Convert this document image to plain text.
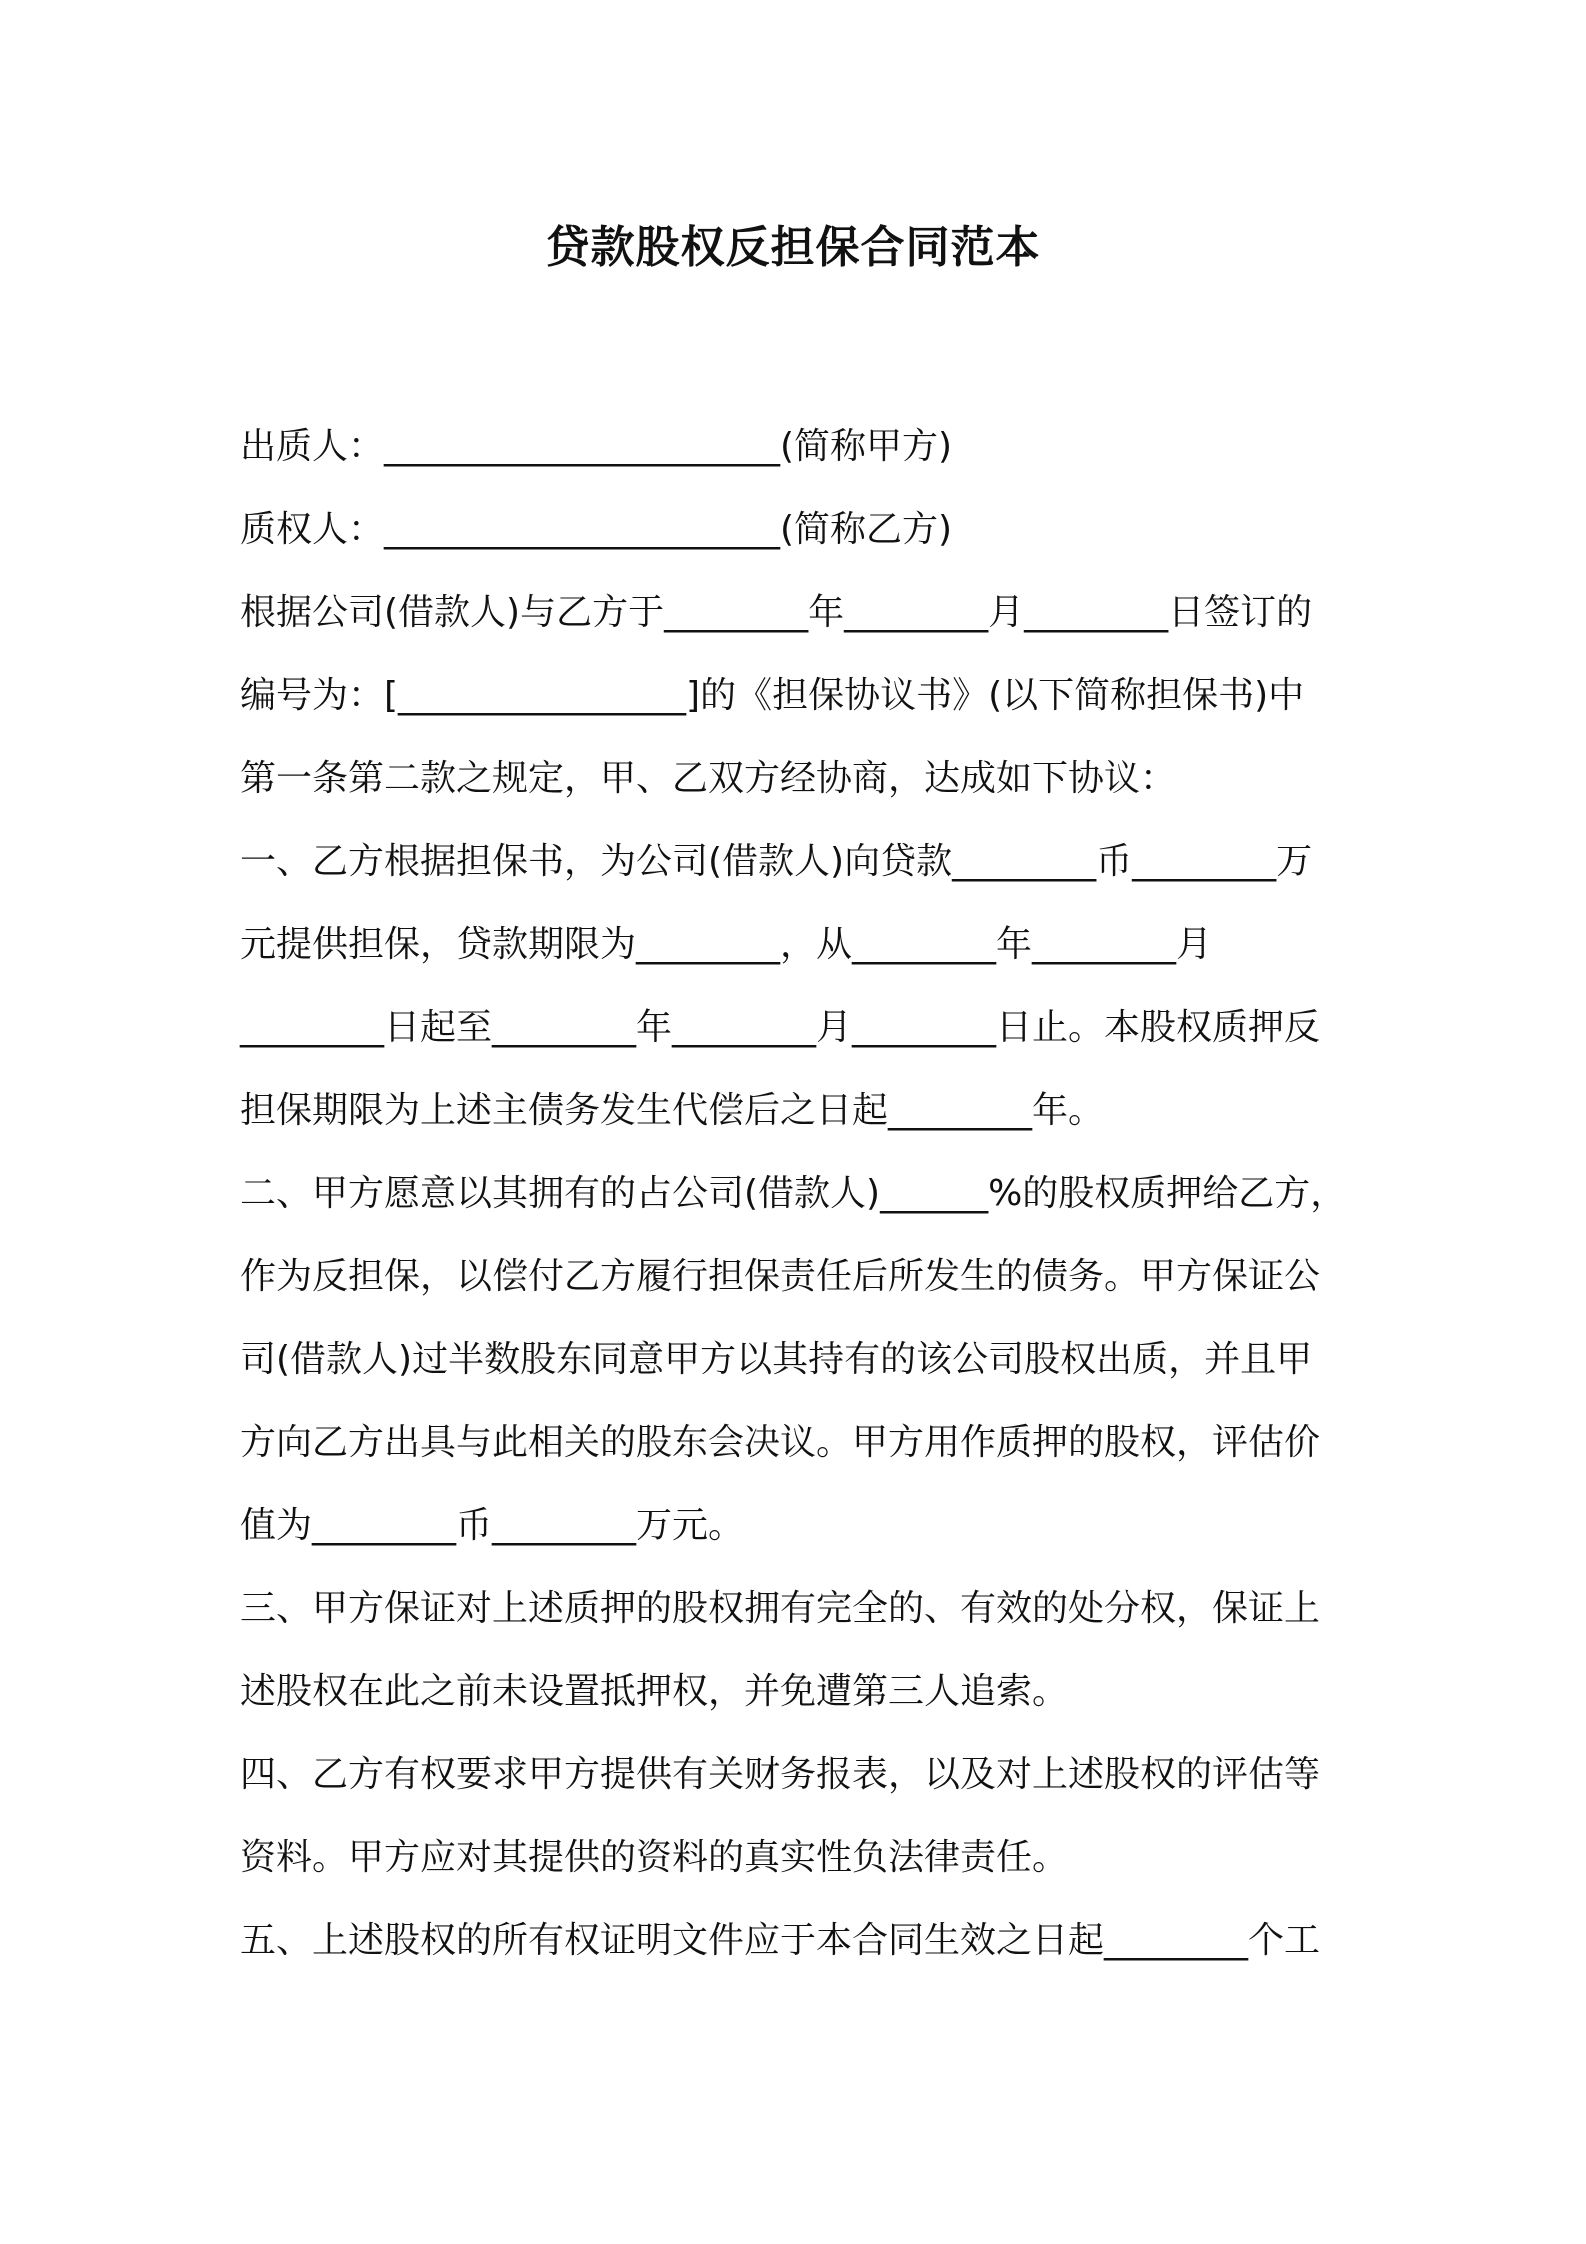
贷款股权反担保合同范本
出质人：______________________(简称甲方)
质权人：______________________(简称乙方)
根据公司(借款人)与乙方于________年________月________日签订的
编号为：[________________]的《担保协议书》(以下简称担保书)中
第一条第二款之规定，甲、乙双方经协商，达成如下协议：
一、乙方根据担保书，为公司(借款人)向贷款________币________万
元提供担保，贷款期限为________，从________年________月
________日起至________年________月________日止。本股权质押反
担保期限为上述主债务发生代偿后之日起________年。
二、甲方愿意以其拥有的占公司(借款人)______%的股权质押给乙方，
作为反担保，以偿付乙方履行担保责任后所发生的债务。甲方保证公
司(借款人)过半数股东同意甲方以其持有的该公司股权出质，并且甲
方向乙方出具与此相关的股东会决议。甲方用作质押的股权，评估价
值为________币________万元。
三、甲方保证对上述质押的股权拥有完全的、有效的处分权，保证上
述股权在此之前未设置抵押权，并免遭第三人追索。
四、乙方有权要求甲方提供有关财务报表，以及对上述股权的评估等
资料。甲方应对其提供的资料的真实性负法律责任。
五、上述股权的所有权证明文件应于本合同生效之日起________个工
